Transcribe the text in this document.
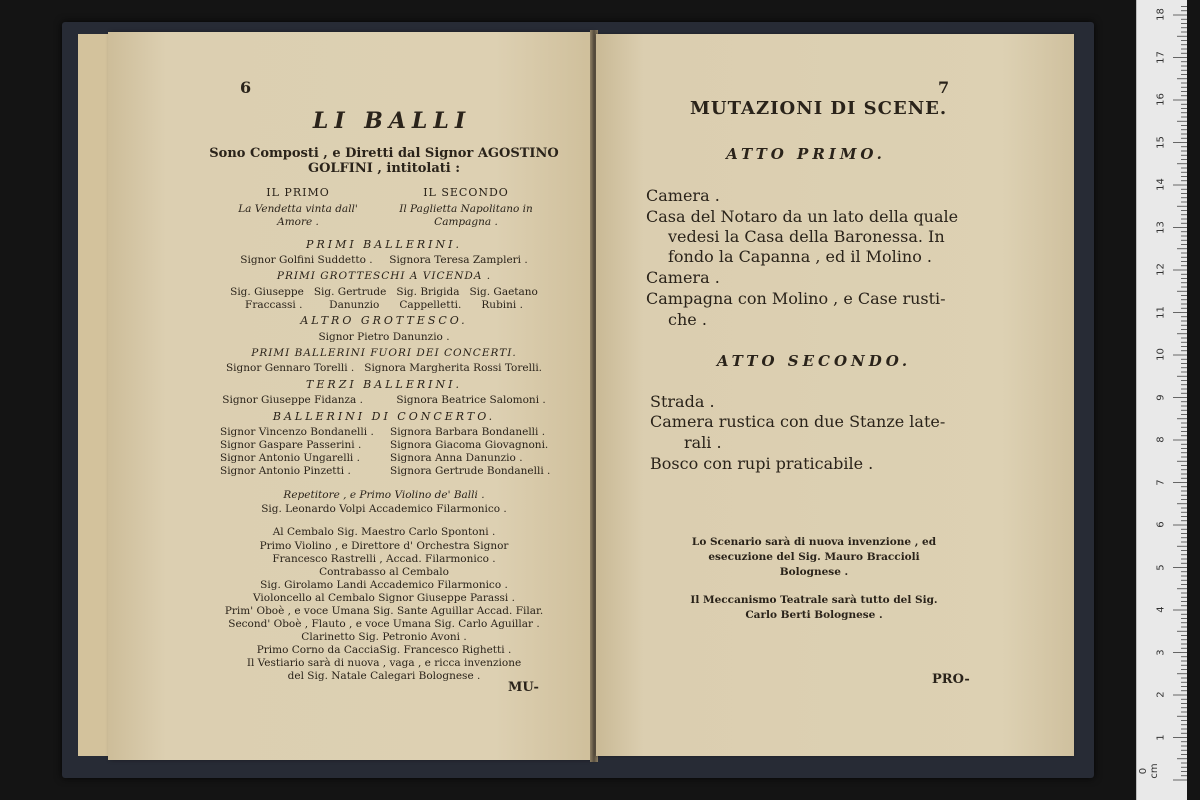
6
LI BALLI
Sono Composti , e Diretti dal Signor AGOSTINO
GOLFINI , intitolati :
IL PRIMO	IL SECONDO
La Vendetta vinta dall'
Amore .
Il Paglietta Napolitano in
Campagna .
PRIMI BALLERINI.
Signor Golfini Suddetto .     Signora Teresa Zampleri .
PRIMI GROTTESCHI A VICENDA .
Sig. Giuseppe   Sig. Gertrude   Sig. Brigida   Sig. Gaetano
Fraccassi .        Danunzio      Cappelletti.      Rubini .
ALTRO GROTTESCO.
Signor Pietro Danunzio .
PRIMI BALLERINI FUORI DEI CONCERTI.
Signor Gennaro Torelli .   Signora Margherita Rossi Torelli.
TERZI BALLERINI.
Signor Giuseppe Fidanza .          Signora Beatrice Salomoni .
BALLERINI DI CONCERTO.
Signor Vincenzo Bondanelli .
Signor Gaspare Passerini .
Signor Antonio Ungarelli .
Signor Antonio Pinzetti .
Signora Barbara Bondanelli .
Signora Giacoma Giovagnoni.
Signora Anna Danunzio .
Signora Gertrude Bondanelli .
Repetitore , e Primo Violino de' Balli .
Sig. Leonardo Volpi Accademico Filarmonico .
Al Cembalo Sig. Maestro Carlo Spontoni .
Primo Violino , e Direttore d' Orchestra Signor
Francesco Rastrelli , Accad. Filarmonico .
Contrabasso al Cembalo
Sig. Girolamo Landi Accademico Filarmonico .
Violoncello al Cembalo Signor Giuseppe Parassi .
Prim' Oboè , e voce Umana Sig. Sante Aguillar Accad. Filar.
Second' Oboè , Flauto , e voce Umana Sig. Carlo Aguillar .
Clarinetto Sig. Petronio Avoni .
Primo Corno da CacciaSig. Francesco Righetti .
Il Vestiario sarà di nuova , vaga , e ricca invenzione
del Sig. Natale Calegari Bolognese .
MU-
MUTAZIONI DI SCENE.
7
ATTO PRIMO.
Camera .
Casa del Notaro da un lato della quale
vedesi la Casa della Baronessa. In
fondo la Capanna , ed il Molino .
Camera .
Campagna con Molino , e Case rusti-
che .
ATTO SECONDO.
Strada .
Camera rustica con due Stanze late-
rali .
Bosco con rupi praticabile .
Lo Scenario sarà di nuova invenzione , ed
esecuzione del Sig. Mauro Braccioli
Bolognese .
Il Meccanismo Teatrale sarà tutto del Sig.
Carlo Berti Bolognese .
PRO-
0 cm
1
2
3
4
5
6
7
8
9
10
11
12
13
14
15
16
17
18
